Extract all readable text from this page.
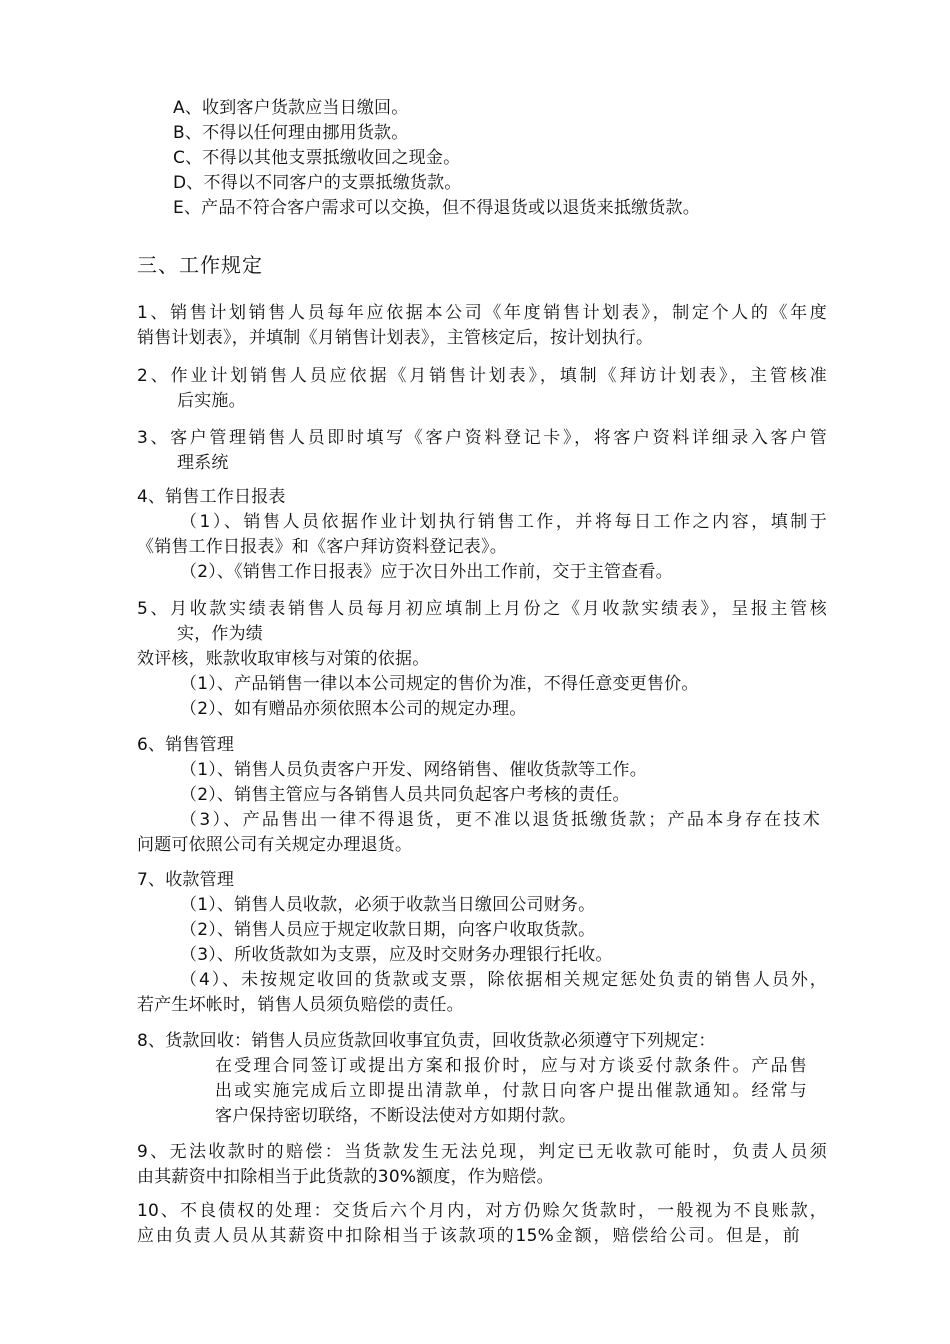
A、收到客户货款应当日缴回。
B、不得以任何理由挪用货款。
C、不得以其他支票抵缴收回之现金。
D、不得以不同客户的支票抵缴货款。
E、产品不符合客户需求可以交换，但不得退货或以退货来抵缴货款。
三、工作规定
1、销售计划销售人员每年应依据本公司《年度销售计划表》，制定个人的《年度
销售计划表》，并填制《月销售计划表》，主管核定后，按计划执行。
2、作业计划销售人员应依据《月销售计划表》，填制《拜访计划表》，主管核准
后实施。
3、客户管理销售人员即时填写《客户资料登记卡》，将客户资料详细录入客户管
理系统
4、销售工作日报表
（1）、销售人员依据作业计划执行销售工作，并将每日工作之内容，填制于
《销售工作日报表》和《客户拜访资料登记表》。
（2）、《销售工作日报表》应于次日外出工作前，交于主管查看。
5、月收款实绩表销售人员每月初应填制上月份之《月收款实绩表》，呈报主管核
实，作为绩
效评核，账款收取审核与对策的依据。
（1）、产品销售一律以本公司规定的售价为准，不得任意变更售价。
（2）、如有赠品亦须依照本公司的规定办理。
6、销售管理
（1）、销售人员负责客户开发、网络销售、催收货款等工作。
（2）、销售主管应与各销售人员共同负起客户考核的责任。
（3）、产品售出一律不得退货，更不准以退货抵缴货款；产品本身存在技术
问题可依照公司有关规定办理退货。
7、收款管理
（1）、销售人员收款，必须于收款当日缴回公司财务。
（2）、销售人员应于规定收款日期，向客户收取货款。
（3）、所收货款如为支票，应及时交财务办理银行托收。
（4）、未按规定收回的货款或支票，除依据相关规定惩处负责的销售人员外，
若产生坏帐时，销售人员须负赔偿的责任。
8、货款回收：销售人员应货款回收事宜负责，回收货款必须遵守下列规定：
在受理合同签订或提出方案和报价时，应与对方谈妥付款条件。产品售
出或实施完成后立即提出清款单，付款日向客户提出催款通知。经常与
客户保持密切联络，不断设法使对方如期付款。
9、无法收款时的赔偿：当货款发生无法兑现，判定已无收款可能时，负责人员须
由其薪资中扣除相当于此货款的30%额度，作为赔偿。
10、不良债权的处理：交货后六个月内，对方仍赊欠货款时，一般视为不良账款，
应由负责人员从其薪资中扣除相当于该款项的15%金额，赔偿给公司。但是，前
